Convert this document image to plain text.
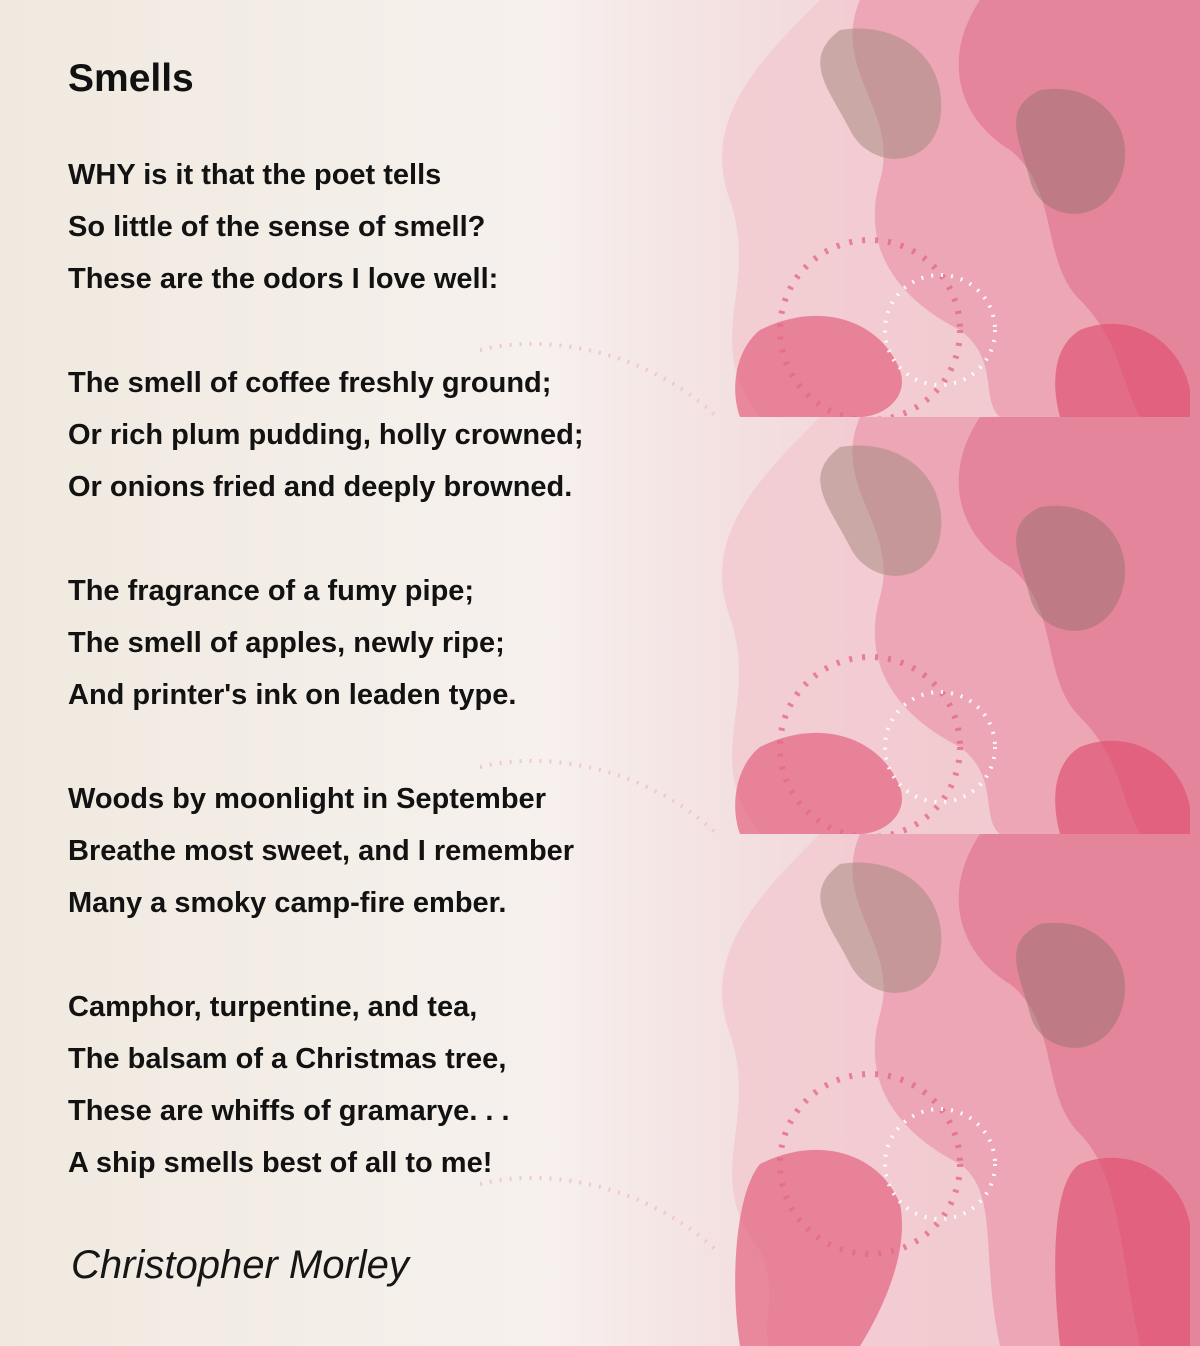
Smells
WHY is it that the poet tells
So little of the sense of smell?
These are the odors I love well:
The smell of coffee freshly ground;
Or rich plum pudding, holly crowned;
Or onions fried and deeply browned.
The fragrance of a fumy pipe;
The smell of apples, newly ripe;
And printer's ink on leaden type.
Woods by moonlight in September
Breathe most sweet, and I remember
Many a smoky camp-fire ember.
Camphor, turpentine, and tea,
The balsam of a Christmas tree,
These are whiffs of gramarye. . .
A ship smells best of all to me!
Christopher Morley
